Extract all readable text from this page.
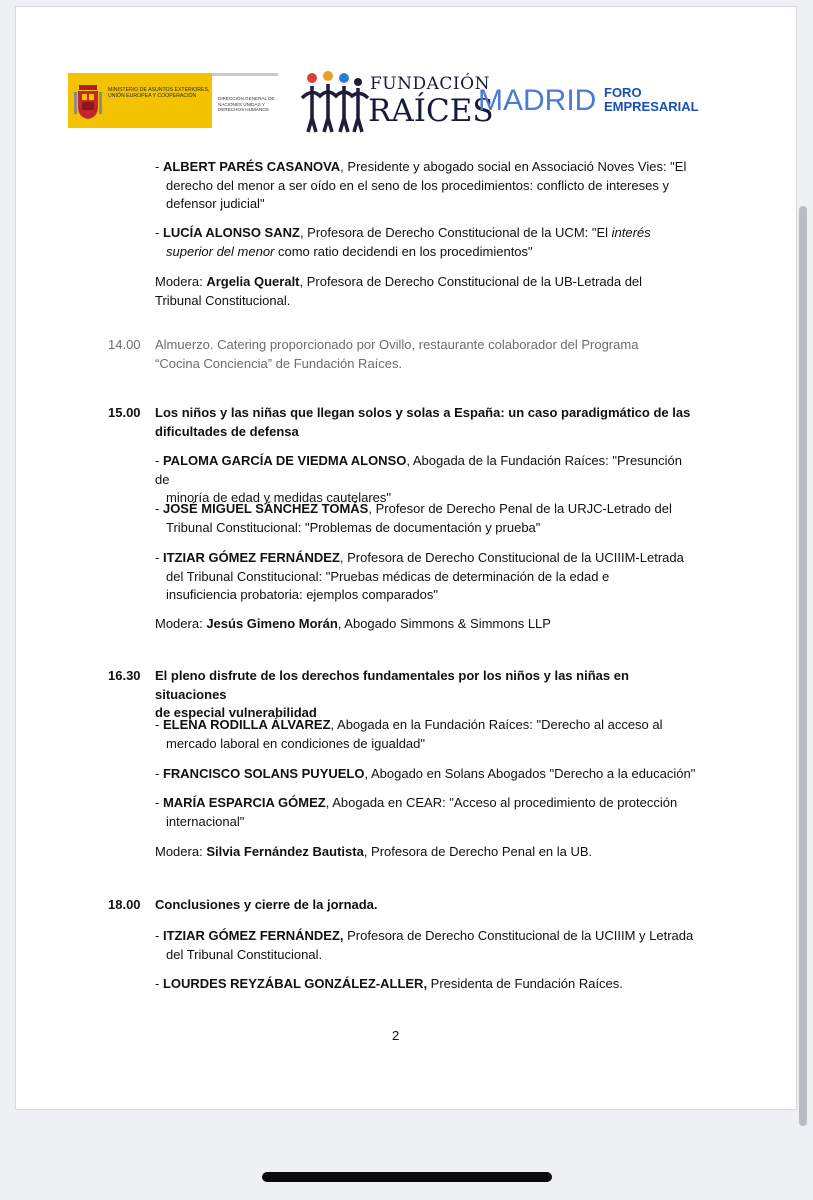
MINISTERIO DE ASUNTOS EXTERIORES, UNIÓN EUROPEA Y COOPERACIÓN	DIRECCIÓN GENERAL DE NACIONES UNIDAS Y DERECHOS HUMANOS
FUNDACIÓN
RAÍCES
MADRID FORO
EMPRESARIAL
- ALBERT PARÉS CASANOVA, Presidente y abogado social en Associació Noves Vies: "El
derecho del menor a ser oído en el seno de los procedimientos: conflicto de intereses y
defensor judicial"
- LUCÍA ALONSO SANZ, Profesora de Derecho Constitucional de la UCM: "El interés
superior del menor como ratio decidendi en los procedimientos"
Modera: Argelia Queralt, Profesora de Derecho Constitucional de la UB-Letrada del
Tribunal Constitucional.
14.00 Almuerzo. Catering proporcionado por Ovillo, restaurante colaborador del Programa
“Cocina Conciencia” de Fundación Raíces.
15.00 Los niños y las niñas que llegan solos y solas a España: un caso paradigmático de las
dificultades de defensa
- PALOMA GARCÍA DE VIEDMA ALONSO, Abogada de la Fundación Raíces: "Presunción de
minoría de edad y medidas cautelares"
- JOSÉ MIGUEL SÁNCHEZ TOMÁS, Profesor de Derecho Penal de la URJC-Letrado del
Tribunal Constitucional: "Problemas de documentación y prueba"
- ITZIAR GÓMEZ FERNÁNDEZ, Profesora de Derecho Constitucional de la UCIIIM-Letrada
del Tribunal Constitucional: "Pruebas médicas de determinación de la edad e
insuficiencia probatoria: ejemplos comparados"
Modera: Jesús Gimeno Morán, Abogado Simmons & Simmons LLP
16.30 El pleno disfrute de los derechos fundamentales por los niños y las niñas en situaciones
de especial vulnerabilidad
- ELENA RODILLA ÁLVAREZ, Abogada en la Fundación Raíces: "Derecho al acceso al
mercado laboral en condiciones de igualdad"
- FRANCISCO SOLANS PUYUELO, Abogado en Solans Abogados "Derecho a la educación"
- MARÍA ESPARCIA GÓMEZ, Abogada en CEAR: "Acceso al procedimiento de protección
internacional"
Modera: Silvia Fernández Bautista, Profesora de Derecho Penal en la UB.
18.00 Conclusiones y cierre de la jornada.
- ITZIAR GÓMEZ FERNÁNDEZ, Profesora de Derecho Constitucional de la UCIIIM y Letrada
del Tribunal Constitucional.
- LOURDES REYZÁBAL GONZÁLEZ-ALLER, Presidenta de Fundación Raíces.
2
